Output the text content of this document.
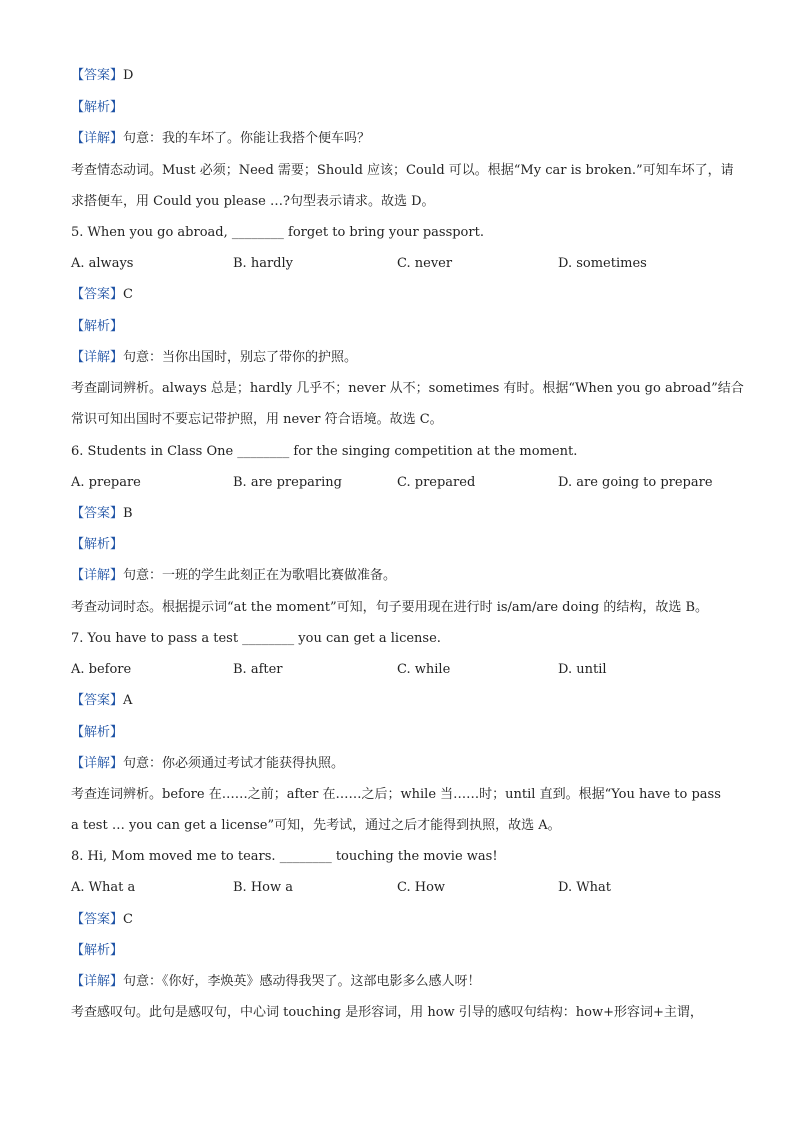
【答案】D
【解析】
【详解】句意：我的车坏了。你能让我搭个便车吗？
考查情态动词。Must 必须；Need 需要；Should 应该；Could 可以。根据“My car is broken.”可知车坏了，请
求搭便车，用 Could you please …?句型表示请求。故选 D。
5. When you go abroad, ________ forget to bring your passport.
A. always	B. hardly	C. never	D. sometimes
【答案】C
【解析】
【详解】句意：当你出国时，别忘了带你的护照。
考查副词辨析。always 总是；hardly 几乎不；never 从不；sometimes 有时。根据“When you go abroad”结合
常识可知出国时不要忘记带护照，用 never 符合语境。故选 C。
6. Students in Class One ________ for the singing competition at the moment.
A. prepare	B. are preparing	C. prepared	D. are going to prepare
【答案】B
【解析】
【详解】句意：一班的学生此刻正在为歌唱比赛做准备。
考查动词时态。根据提示词“at the moment”可知，句子要用现在进行时 is/am/are doing 的结构，故选 B。
7. You have to pass a test ________ you can get a license.
A. before	B. after	C. while	D. until
【答案】A
【解析】
【详解】句意：你必须通过考试才能获得执照。
考查连词辨析。before 在……之前；after 在……之后；while 当……时；until 直到。根据“You have to pass
a test … you can get a license”可知，先考试，通过之后才能得到执照，故选 A。
8. Hi, Mom moved me to tears. ________ touching the movie was!
A. What a	B. How a	C. How	D. What
【答案】C
【解析】
【详解】句意：《你好，李焕英》感动得我哭了。这部电影多么感人呀！
考查感叹句。此句是感叹句，中心词 touching 是形容词，用 how 引导的感叹句结构：how+形容词+主谓，
